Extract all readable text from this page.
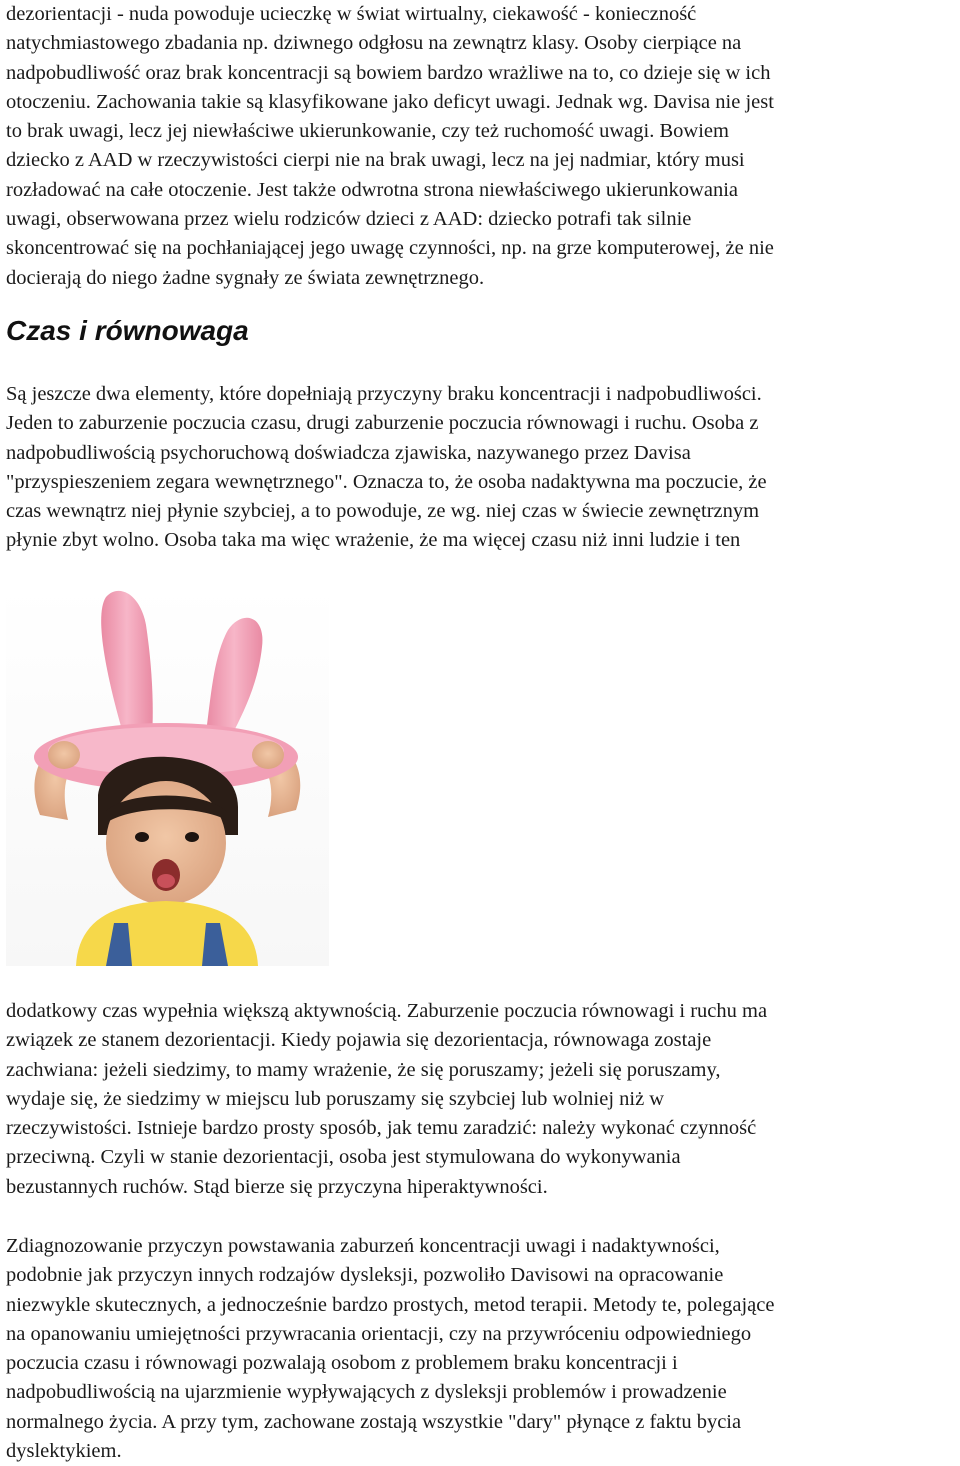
dezorientacji - nuda powoduje ucieczkę w świat wirtualny, ciekawość - konieczność
natychmiastowego zbadania np. dziwnego odgłosu na zewnątrz klasy. Osoby cierpiące na
nadpobudliwość oraz brak koncentracji są bowiem bardzo wrażliwe na to, co dzieje się w ich
otoczeniu. Zachowania takie są klasyfikowane jako deficyt uwagi. Jednak wg. Davisa nie jest
to brak uwagi, lecz jej niewłaściwe ukierunkowanie, czy też ruchomość uwagi. Bowiem
dziecko z AAD w rzeczywistości cierpi nie na brak uwagi, lecz na jej nadmiar, który musi
rozładować na całe otoczenie. Jest także odwrotna strona niewłaściwego ukierunkowania
uwagi, obserwowana przez wielu rodziców dzieci z AAD: dziecko potrafi tak silnie
skoncentrować się na pochłaniającej jego uwagę czynności, np. na grze komputerowej, że nie
docierają do niego żadne sygnały ze świata zewnętrznego.

Czas i równowaga

Są jeszcze dwa elementy, które dopełniają przyczyny braku koncentracji i nadpobudliwości.
Jeden to zaburzenie poczucia czasu, drugi zaburzenie poczucia równowagi i ruchu. Osoba z
nadpobudliwością psychoruchową doświadcza zjawiska, nazywanego przez Davisa
"przyspieszeniem zegara wewnętrznego". Oznacza to, że osoba nadaktywna ma poczucie, że
czas wewnątrz niej płynie szybciej, a to powoduje, ze wg. niej czas w świecie zewnętrznym
płynie zbyt wolno. Osoba taka ma więc wrażenie, że ma więcej czasu niż inni ludzie i ten

dodatkowy czas wypełnia większą aktywnością. Zaburzenie poczucia równowagi i ruchu ma
związek ze stanem dezorientacji. Kiedy pojawia się dezorientacja, równowaga zostaje
zachwiana: jeżeli siedzimy, to mamy wrażenie, że się poruszamy; jeżeli się poruszamy,
wydaje się, że siedzimy w miejscu lub poruszamy się szybciej lub wolniej niż w
rzeczywistości. Istnieje bardzo prosty sposób, jak temu zaradzić: należy wykonać czynność
przeciwną. Czyli w stanie dezorientacji, osoba jest stymulowana do wykonywania
bezustannych ruchów. Stąd bierze się przyczyna hiperaktywności.

Zdiagnozowanie przyczyn powstawania zaburzeń koncentracji uwagi i nadaktywności,
podobnie jak przyczyn innych rodzajów dysleksji, pozwoliło Davisowi na opracowanie
niezwykle skutecznych, a jednocześnie bardzo prostych, metod terapii. Metody te, polegające
na opanowaniu umiejętności przywracania orientacji, czy na przywróceniu odpowiedniego
poczucia czasu i równowagi pozwalają osobom z problemem braku koncentracji i
nadpobudliwością na ujarzmienie wypływających z dysleksji problemów i prowadzenie
normalnego życia. A przy tym, zachowane zostają wszystkie "dary" płynące z faktu bycia
dyslektykiem.
